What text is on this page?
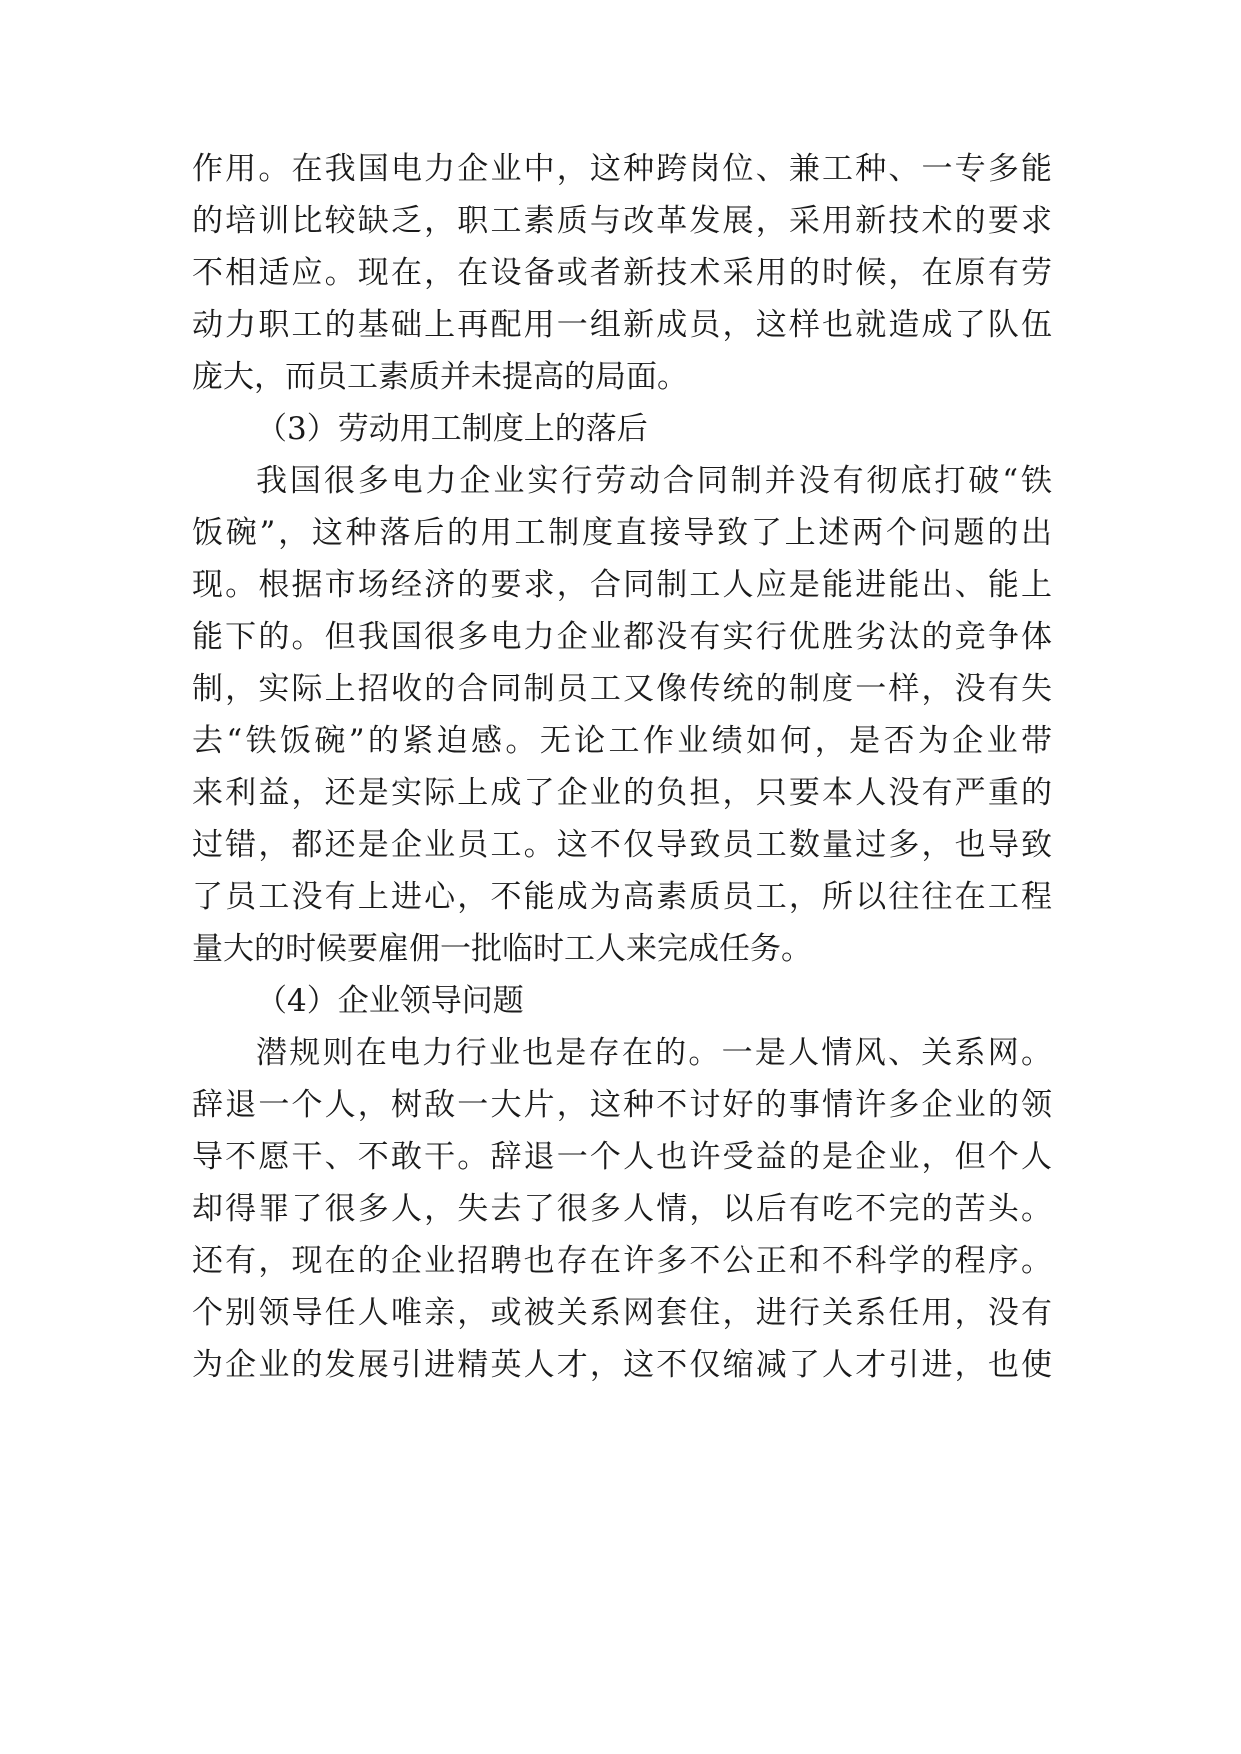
作用。在我国电力企业中，这种跨岗位、兼工种、一专多能

的培训比较缺乏，职工素质与改革发展，采用新技术的要求

不相适应。现在，在设备或者新技术采用的时候，在原有劳

动力职工的基础上再配用一组新成员，这样也就造成了队伍

庞大，而员工素质并未提高的局面。

（3）劳动用工制度上的落后

我国很多电力企业实行劳动合同制并没有彻底打破“铁

饭碗”，这种落后的用工制度直接导致了上述两个问题的出

现。根据市场经济的要求，合同制工人应是能进能出、能上

能下的。但我国很多电力企业都没有实行优胜劣汰的竞争体

制，实际上招收的合同制员工又像传统的制度一样，没有失

去“铁饭碗”的紧迫感。无论工作业绩如何，是否为企业带

来利益，还是实际上成了企业的负担，只要本人没有严重的

过错，都还是企业员工。这不仅导致员工数量过多，也导致

了员工没有上进心，不能成为高素质员工，所以往往在工程

量大的时候要雇佣一批临时工人来完成任务。

（4）企业领导问题

潜规则在电力行业也是存在的。一是人情风、关系网。

辞退一个人，树敌一大片，这种不讨好的事情许多企业的领

导不愿干、不敢干。辞退一个人也许受益的是企业，但个人

却得罪了很多人，失去了很多人情，以后有吃不完的苦头。

还有，现在的企业招聘也存在许多不公正和不科学的程序。

个别领导任人唯亲，或被关系网套住，进行关系任用，没有

为企业的发展引进精英人才，这不仅缩减了人才引进，也使
